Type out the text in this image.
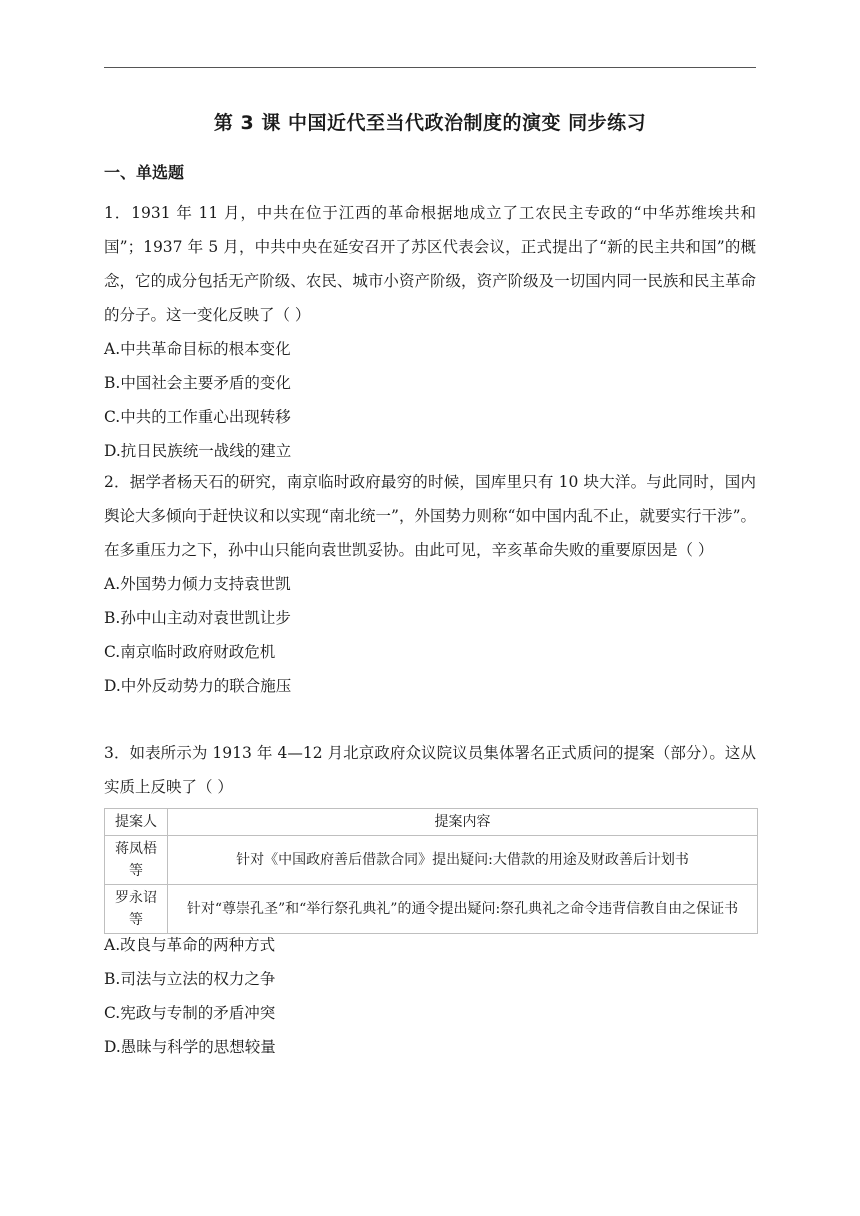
第 3 课 中国近代至当代政治制度的演变 同步练习
一、单选题
1．1931 年 11 月，中共在位于江西的革命根据地成立了工农民主专政的“中华苏维埃共和国”；1937 年 5 月，中共中央在延安召开了苏区代表会议，正式提出了“新的民主共和国”的概念，它的成分包括无产阶级、农民、城市小资产阶级，资产阶级及一切国内同一民族和民主革命的分子。这一变化反映了（ ）
A.中共革命目标的根本变化
B.中国社会主要矛盾的变化
C.中共的工作重心出现转移
D.抗日民族统一战线的建立
2．据学者杨天石的研究，南京临时政府最穷的时候，国库里只有 10 块大洋。与此同时，国内舆论大多倾向于赶快议和以实现“南北统一”，外国势力则称“如中国内乱不止，就要实行干涉”。在多重压力之下，孙中山只能向袁世凯妥协。由此可见，辛亥革命失败的重要原因是（ ）
A.外国势力倾力支持袁世凯
B.孙中山主动对袁世凯让步
C.南京临时政府财政危机
D.中外反动势力的联合施压
3．如表所示为 1913 年 4—12 月北京政府众议院议员集体署名正式质问的提案（部分）。这从实质上反映了（ ）
提案人	提案内容
蒋凤梧等	针对《中国政府善后借款合同》提出疑问:大借款的用途及财政善后计划书
罗永诏等	针对“尊崇孔圣”和“举行祭孔典礼”的通令提出疑问:祭孔典礼之命令违背信教自由之保证书
A.改良与革命的两种方式
B.司法与立法的权力之争
C.宪政与专制的矛盾冲突
D.愚昧与科学的思想较量
